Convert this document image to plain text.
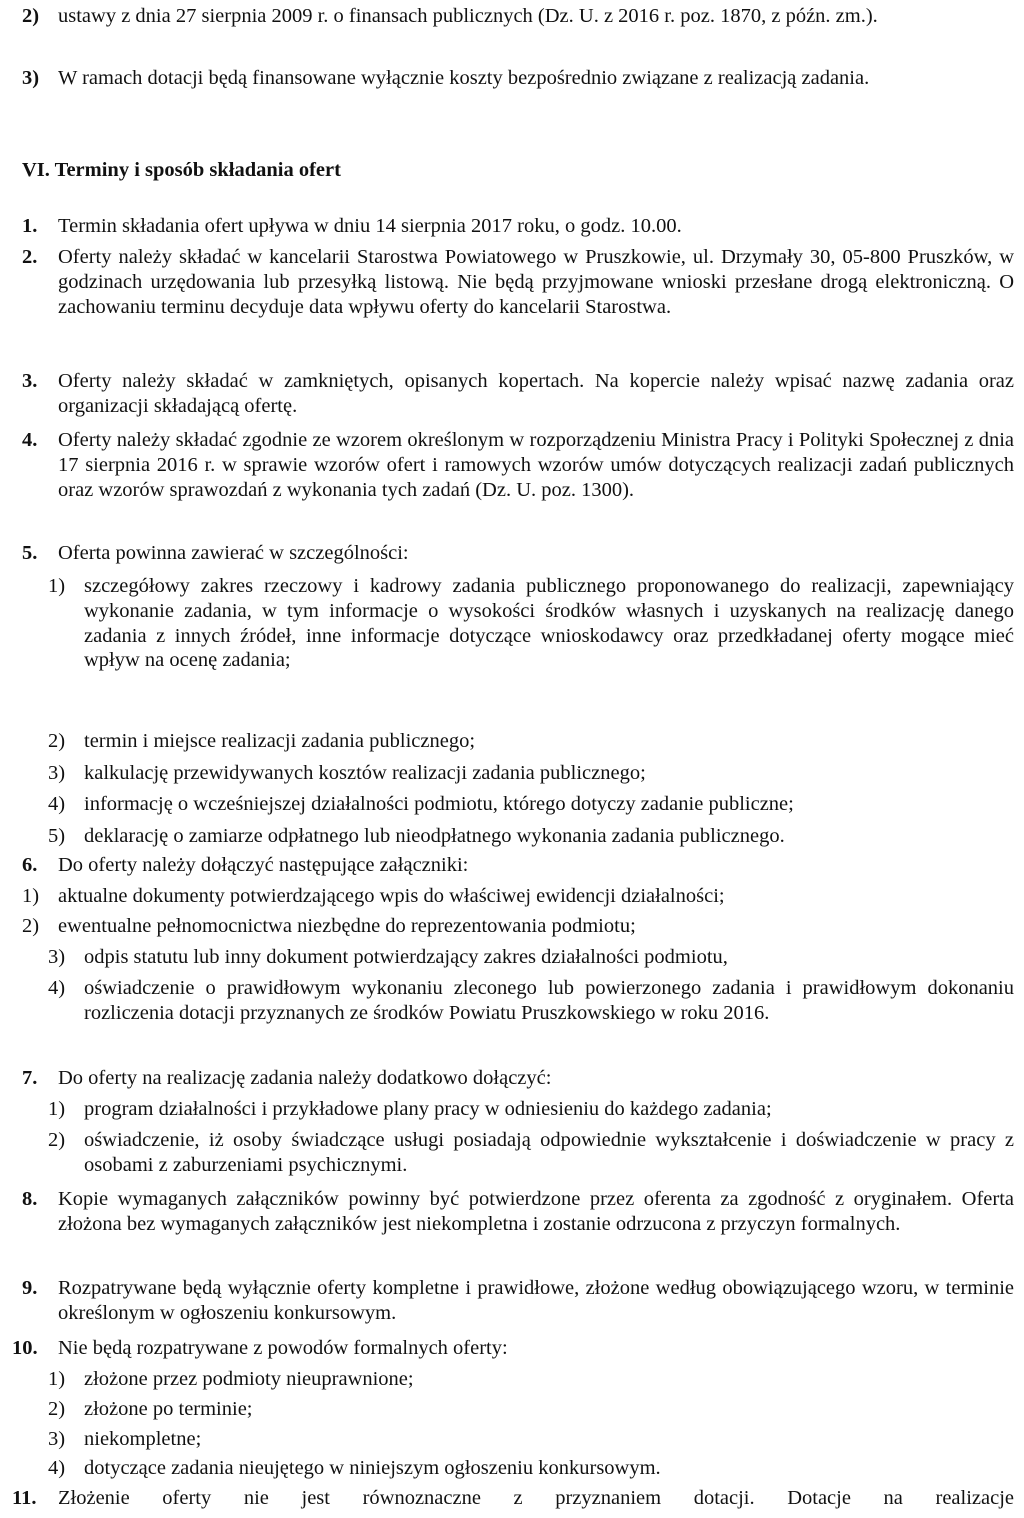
2) ustawy z dnia 27 sierpnia 2009 r. o finansach publicznych (Dz. U. z 2016 r. poz. 1870, z późn. zm.).

3) W ramach dotacji będą finansowane wyłącznie koszty bezpośrednio związane z realizacją zadania.

VI. Terminy i sposób składania ofert
1. Termin składania ofert upływa w dniu 14 sierpnia 2017 roku, o godz. 10.00.

2. Oferty należy składać w kancelarii Starostwa Powiatowego w Pruszkowie, ul. Drzymały 30, 05-800 Pruszków, w godzinach urzędowania lub przesyłką listową. Nie będą przyjmowane wnioski przesłane drogą elektroniczną. O zachowaniu terminu decyduje data wpływu oferty do kancelarii Starostwa.

3. Oferty należy składać w zamkniętych, opisanych kopertach. Na kopercie należy wpisać nazwę zadania oraz organizacji składającą ofertę.

4. Oferty należy składać zgodnie ze wzorem określonym w rozporządzeniu Ministra Pracy i Polityki Społecznej z dnia 17 sierpnia 2016 r. w sprawie wzorów ofert i ramowych wzorów umów dotyczących realizacji zadań publicznych oraz wzorów sprawozdań z wykonania tych zadań (Dz. U. poz. 1300).

5. Oferta powinna zawierać w szczególności:

1) szczegółowy zakres rzeczowy i kadrowy zadania publicznego proponowanego do realizacji, zapewniający wykonanie zadania, w tym informacje o wysokości środków własnych i uzyskanych na realizację danego zadania z innych źródeł, inne informacje dotyczące wnioskodawcy oraz przedkładanej oferty mogące mieć wpływ na ocenę zadania;

2) termin i miejsce realizacji zadania publicznego;

3) kalkulację przewidywanych kosztów realizacji zadania publicznego;

4) informację o wcześniejszej działalności podmiotu, którego dotyczy zadanie publiczne;

5) deklarację o zamiarze odpłatnego lub nieodpłatnego wykonania zadania publicznego.

6. Do oferty należy dołączyć następujące załączniki:

1) aktualne dokumenty potwierdzającego wpis do właściwej ewidencji działalności;

2) ewentualne pełnomocnictwa niezbędne do reprezentowania podmiotu;

3) odpis statutu lub inny dokument potwierdzający zakres działalności podmiotu,

4) oświadczenie o prawidłowym wykonaniu zleconego lub powierzonego zadania i prawidłowym dokonaniu rozliczenia dotacji przyznanych ze środków Powiatu Pruszkowskiego w roku 2016.

7. Do oferty na realizację zadania należy dodatkowo dołączyć:

1) program działalności i przykładowe plany pracy w odniesieniu do każdego zadania;

2) oświadczenie, iż osoby świadczące usługi posiadają odpowiednie wykształcenie i doświadczenie w pracy z osobami z zaburzeniami psychicznymi.

8. Kopie wymaganych załączników powinny być potwierdzone przez oferenta za zgodność z oryginałem. Oferta złożona bez wymaganych załączników jest niekompletna i zostanie odrzucona z przyczyn formalnych.

9. Rozpatrywane będą wyłącznie oferty kompletne i prawidłowe, złożone według obowiązującego wzoru, w terminie określonym w ogłoszeniu konkursowym.

10. Nie będą rozpatrywane z powodów formalnych oferty:

1) złożone przez podmioty nieuprawnione;

2) złożone po terminie;

3) niekompletne;

4) dotyczące zadania nieujętego w niniejszym ogłoszeniu konkursowym.

11. Złożenie oferty nie jest równoznaczne z przyznaniem dotacji. Dotacje na realizacje
